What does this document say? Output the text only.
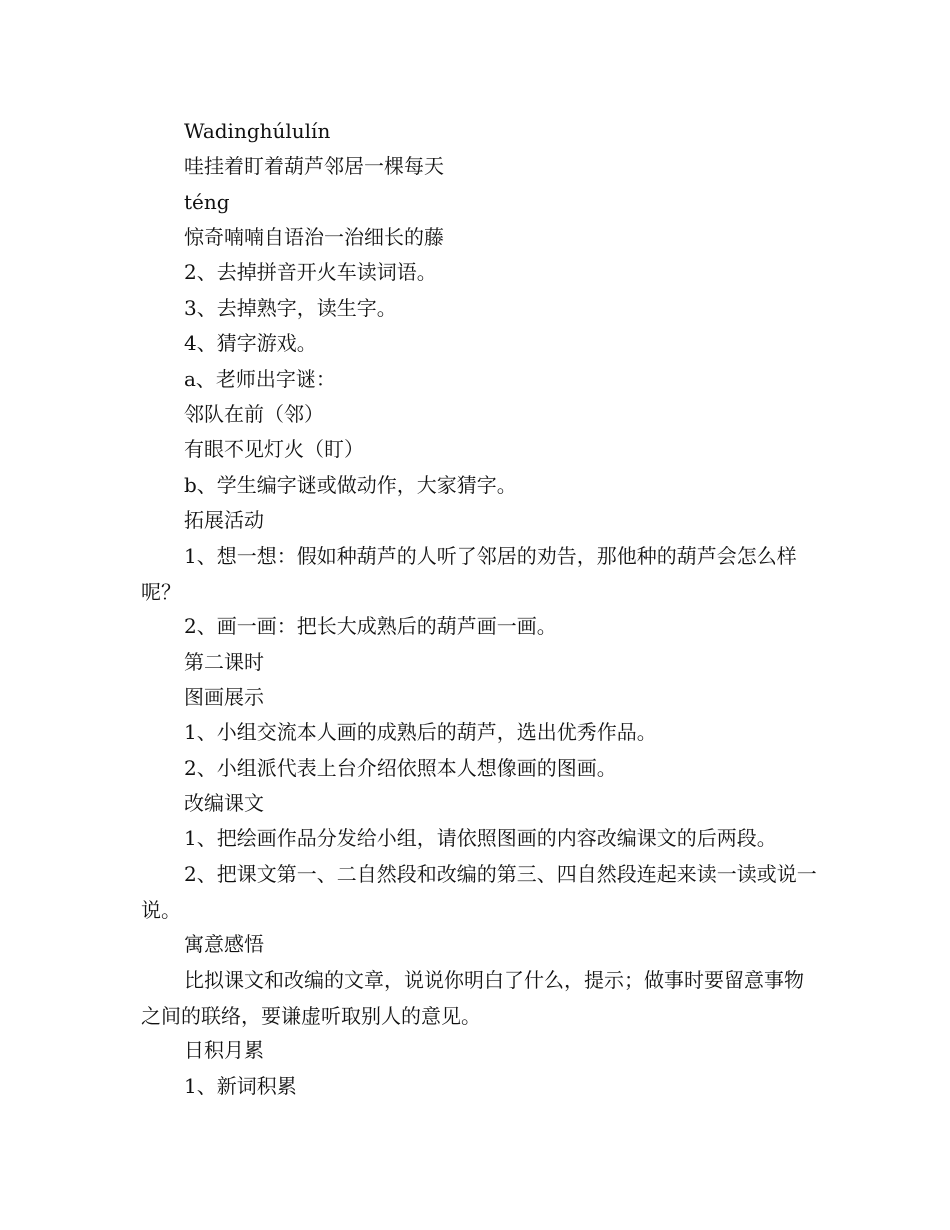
Wadinghúlulín

哇挂着盯着葫芦邻居一棵每天

téng

惊奇喃喃自语治一治细长的藤

2、去掉拼音开火车读词语。

3、去掉熟字，读生字。

4、猜字游戏。

a、老师出字谜：

邻队在前（邻）

有眼不见灯火（盯）

b、学生编字谜或做动作，大家猜字。

拓展活动

1、想一想：假如种葫芦的人听了邻居的劝告，那他种的葫芦会怎么样呢？

2、画一画：把长大成熟后的葫芦画一画。

第二课时

图画展示

1、小组交流本人画的成熟后的葫芦，选出优秀作品。

2、小组派代表上台介绍依照本人想像画的图画。

改编课文

1、把绘画作品分发给小组，请依照图画的内容改编课文的后两段。

2、把课文第一、二自然段和改编的第三、四自然段连起来读一读或说一说。

寓意感悟

比拟课文和改编的文章，说说你明白了什么，提示；做事时要留意事物之间的联络，要谦虚听取别人的意见。

日积月累

1、新词积累
